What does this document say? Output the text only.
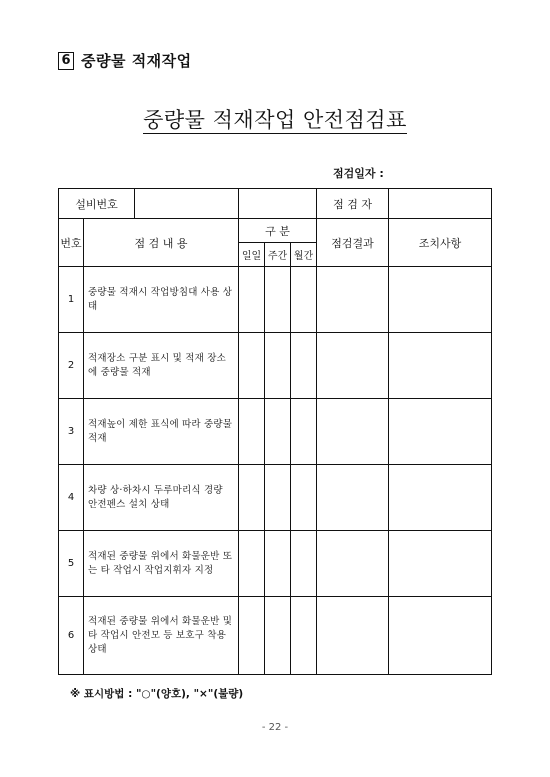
6 중량물 적재작업
중량물 적재작업 안전점검표
점검일자 :
설비번호					점 검 자	
번호	점 검 내 용	구 분			점검결과	조치사항
		일일	주간	월간		
1	중량물 적재시 작업방침대 사용 상태					
2	적재장소 구분 표시 및 적재 장소에 중량물 적재					
3	적재높이 제한 표식에 따라 중량물 적재					
4	차량 상·하차시 두루마리식 경량 안전펜스 설치 상태					
5	적재된 중량물 위에서 화물운반 또는 타 작업시 작업지휘자 지정					
6	적재된 중량물 위에서 화물운반 및 타 작업시 안전모 등 보호구 착용상태					
※ 표시방법 : "○"(양호), "×"(불량)
- 22 -
